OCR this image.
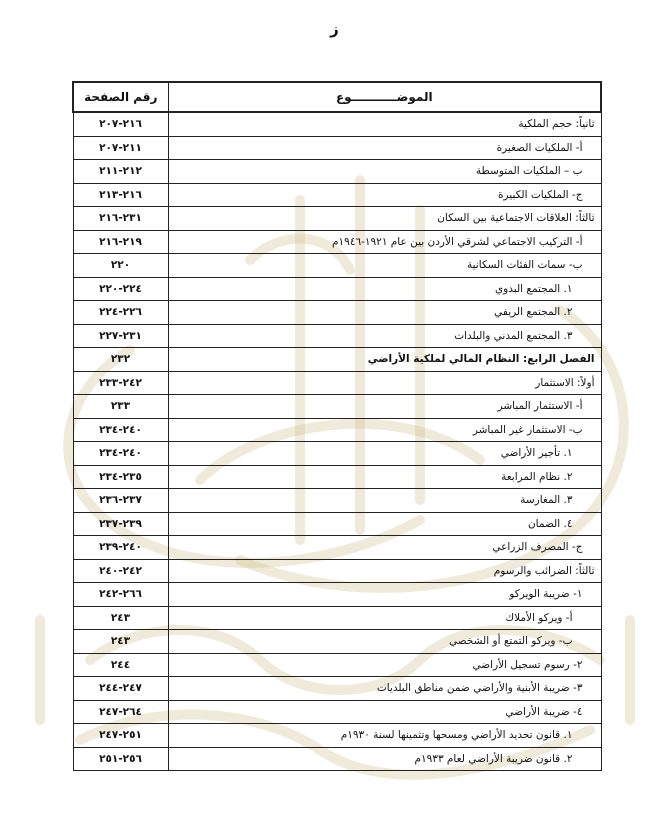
ز
الموضـــــــــــوع	رقم الصفحة
ثانياً: حجم الملكية	٢١٦-٢٠٧
أ- الملكيات الصغيرة	٢١١-٢٠٧
ب – الملكيات المتوسطة	٢١٢-٢١١
ج- الملكيات الكبيرة	٢١٦-٢١٣
ثالثاً: العلاقات الاجتماعية بين السكان	٢٣١-٢١٦
أ- التركيب الاجتماعي لشرقي الأردن بين عام ١٩٢١-١٩٤٦م	٢١٩-٢١٦
ب- سمات الفئات السكانية	٢٢٠
١. المجتمع البدوي	٢٢٤-٢٢٠
٢. المجتمع الريفي	٢٢٦-٢٢٤
٣. المجتمع المدني والبلدات	٢٣١-٢٢٧
الفصل الرابع: النظام المالي لملكية الأراضي	٢٣٢
أولاً: الاستثمار	٢٤٢-٢٣٣
أ- الاستثمار المباشر	٢٣٣
ب- الاستثمار غير المباشر	٢٤٠-٢٣٤
١. تأجير الأراضي	٢٤٠-٢٣٤
٢. نظام المرابعة	٢٣٥-٢٣٤
٣. المغارسة	٢٣٧-٢٣٦
٤. الضمان	٢٣٩-٢٣٧
ج- المصرف الزراعي	٢٤٠-٢٣٩
ثالثاً: الضرائب والرسوم	٢٤٢-٢٤٠
١- ضريبة الويركو	٢٦٦-٢٤٢
أ- ويركو الأملاك	٢٤٣
ب- ويركو التمتع أو الشخصي	٢٤٣
٢- رسوم تسجيل الأراضي	٢٤٤
٣- ضريبة الأبنية والأراضي ضمن مناطق البلديات	٢٤٧-٢٤٤
٤- ضريبة الأراضي	٢٦٤-٢٤٧
١. قانون تحديد الأراضي ومسحها وتثمينها لسنة ١٩٣٠م	٢٥١-٢٤٧
٢. قانون ضريبة الأراضي لعام ١٩٣٣م	٢٥٦-٢٥١
